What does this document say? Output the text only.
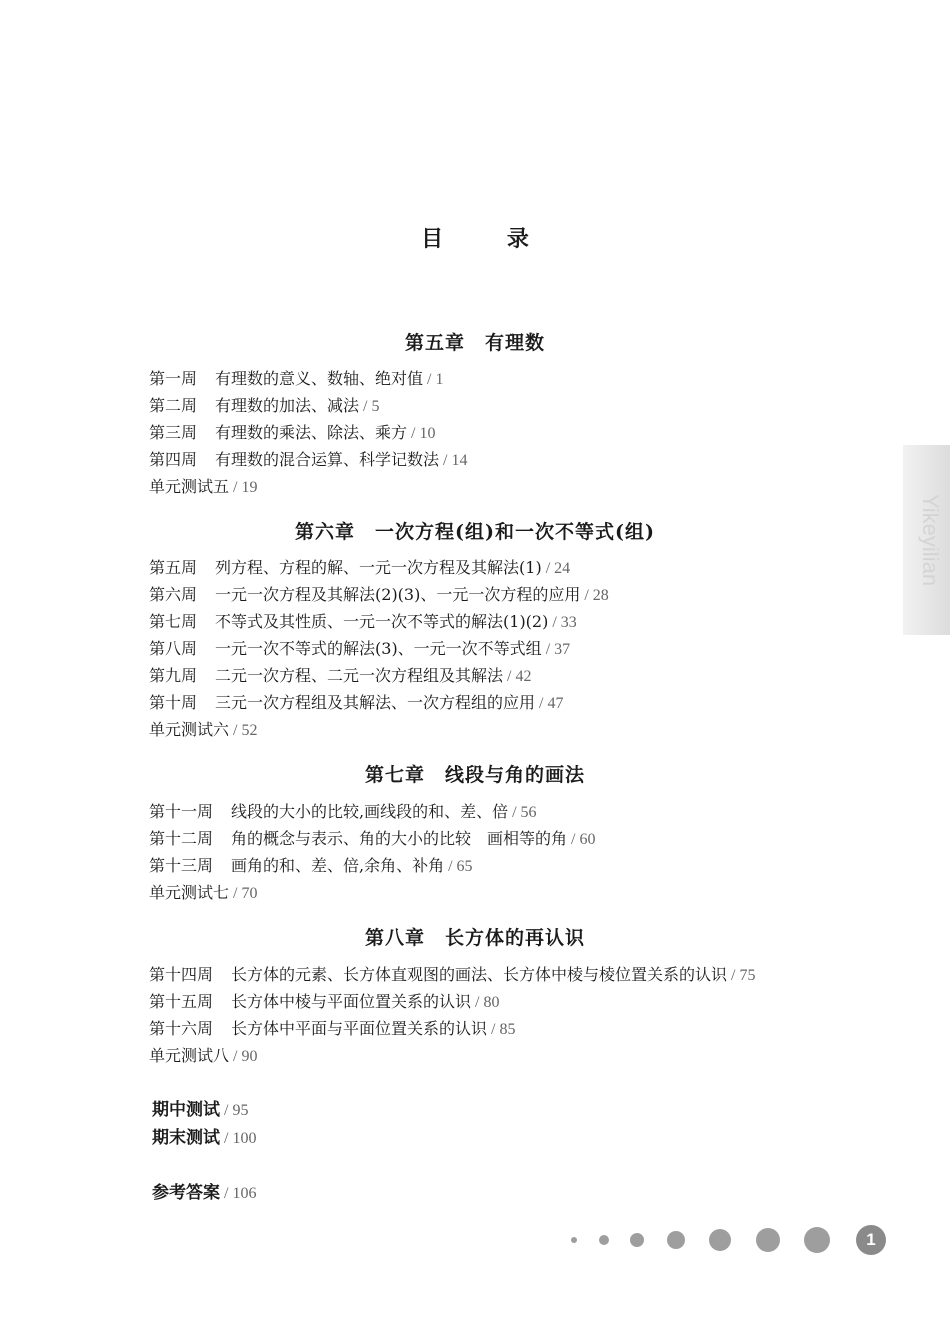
目 录
第五章　有理数
第一周 有理数的意义、数轴、绝对值 / 1
第二周 有理数的加法、减法 / 5
第三周 有理数的乘法、除法、乘方 / 10
第四周 有理数的混合运算、科学记数法 / 14
单元测试五 / 19
第六章　一次方程(组)和一次不等式(组)
第五周 列方程、方程的解、一元一次方程及其解法(1) / 24
第六周 一元一次方程及其解法(2)(3)、一元一次方程的应用 / 28
第七周 不等式及其性质、一元一次不等式的解法(1)(2) / 33
第八周 一元一次不等式的解法(3)、一元一次不等式组 / 37
第九周 二元一次方程、二元一次方程组及其解法 / 42
第十周 三元一次方程组及其解法、一次方程组的应用 / 47
单元测试六 / 52
第七章　线段与角的画法
第十一周 线段的大小的比较,画线段的和、差、倍 / 56
第十二周 角的概念与表示、角的大小的比较　画相等的角 / 60
第十三周 画角的和、差、倍,余角、补角 / 65
单元测试七 / 70
第八章　长方体的再认识
第十四周 长方体的元素、长方体直观图的画法、长方体中棱与棱位置关系的认识 / 75
第十五周 长方体中棱与平面位置关系的认识 / 80
第十六周 长方体中平面与平面位置关系的认识 / 85
单元测试八 / 90
期中测试 / 95
期末测试 / 100
参考答案 / 106
Yikeyilian
1
